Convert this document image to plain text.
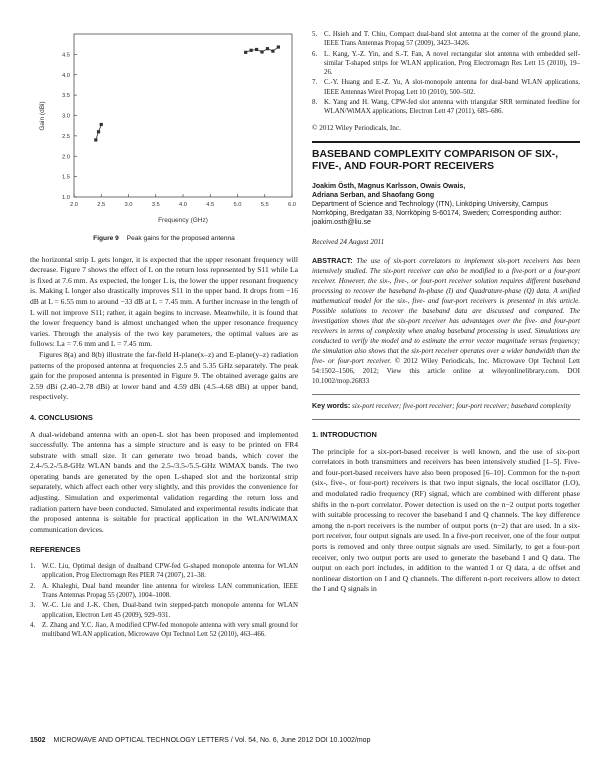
Gain (dBi)
Frequency (GHz)
4.5
4.0
3.5
3.0
2.5
2.0
1.5
1.0
2.0	2.5	3.0	3.5	4.0	4.5	5.0	5.5	6.0
Figure 9 Peak gains for the proposed antenna

the horizontal strip L gets longer, it is expected that the upper resonant frequency will decrease. Figure 7 shows the effect of L on the return loss represented by S11 while La is fixed at 7.6 mm. As expected, the longer L is, the lower the upper resonant frequency is. Making L longer also drastically improves S11 in the upper band. It drops from −16 dB at L = 6.55 mm to around −33 dB at L = 7.45 mm. A further increase in the length of L will not improve S11; rather, it again begins to increase. Meanwhile, it is found that the lower frequency band is almost unchanged when the upper resonance frequency varies. Through the analysis of the two key parameters, the optimal values are as follows: La = 7.6 mm and L = 7.45 mm.

Figures 8(a) and 8(b) illustrate the far-field H-plane(x–z) and E-plane(y–z) radiation patterns of the proposed antenna at frequencies 2.5 and 5.35 GHz separately. The peak gain for the proposed antenna is presented in Figure 9. The obtained average gains are 2.59 dBi (2.40–2.78 dBi) at lower band and 4.59 dBi (4.5–4.68 dBi) at upper band, respectively.

4. CONCLUSIONS

A dual-wideband antenna with an open-L slot has been proposed and implemented successfully. The antenna has a simple structure and is easy to be printed on FR4 substrate with small size. It can generate two broad bands, which cover the 2.4-/5.2-/5.8-GHz WLAN bands and the 2.5-/3.5-/5.5-GHz WiMAX bands. The two operating bands are generated by the open L-shaped slot and the horizontal strip separately, which affect each other very slightly, and this provides the convenience for adjusting. Simulation and experimental validation regarding the return loss and radiation pattern have been conducted. Simulated and experimental results indicate that the proposed antenna is suitable for practical application in the WLAN/WiMAX communication devices.

REFERENCES
1. W.C. Liu, Optimal design of dualband CPW-fed G-shaped monopole antenna for WLAN application, Prog Electromagn Res PIER 74 (2007), 21–38.
2. A. Khaleghi, Dual band meander line antenna for wireless LAN communication, IEEE Trans Antennas Propag 55 (2007), 1004–1008.
3. W.-C. Liu and J.-K. Chen, Dual-band twin stepped-patch monopole antenna for WLAN application, Electron Lett 45 (2009), 929–931.
4. Z. Zhang and Y.C. Jiao, A modified CPW-fed monopole antenna with very small ground for multiband WLAN application, Microwave Opt Technol Lett 52 (2010), 463–466.
5. C. Hsieh and T. Chiu, Compact dual-band slot antenna at the corner of the ground plane, IEEE Trans Antennas Propag 57 (2009), 3423–3426.
6. L. Kang, Y.-Z. Yin, and S.-T. Fan, A novel rectangular slot antenna with embedded self-similar T-shaped strips for WLAN application, Prog Electromagn Res Lett 15 (2010), 19–26.
7. C.-Y. Huang and E.-Z. Yu, A slot-monopole antenna for dual-band WLAN applications, IEEE Antennas Wirel Propag Lett 10 (2010), 500–502.
8. K. Yang and H. Wang, CPW-fed slot antenna with triangular SRR terminated feedline for WLAN/WiMAX applications, Electron Lett 47 (2011), 685–686.
© 2012 Wiley Periodicals, Inc.
BASEBAND COMPLEXITY COMPARISON OF SIX-, FIVE-, AND FOUR-PORT RECEIVERS
Joakim Östh, Magnus Karlsson, Owais Owais,
Adriana Serban, and Shaofang Gong
Department of Science and Technology (ITN), Linköping University, Campus Norrköping, Bredgatan 33, Norrköping S-60174, Sweden; Corresponding author: joakim.osth@liu.se
Received 24 August 2011

ABSTRACT: The use of six-port correlators to implement six-port receivers has been intensively studied. The six-port receiver can also be modified to a five-port or a four-port receiver. However, the six-, five-, or four-port receiver solution requires different baseband processing to recover the baseband In-phase (I) and Quadrature-phase (Q) data. A unified mathematical model for the six-, five- and four-port receivers is presented in this article. Possible solutions to recover the baseband data are discussed and compared. The investigation shows that the six-port receiver has advantages over the five- and four-port receivers in terms of complexity when analog baseband processing is used. Simulations are conducted to verify the model and to estimate the error vector magnitude versus frequency; the simulation also shows that the six-port receiver operates over a wider bandwidth than the five- or four-port receiver. © 2012 Wiley Periodicals, Inc. Microwave Opt Technol Lett 54:1502–1506, 2012; View this article online at wileyonlinelibrary.com. DOI 10.1002/mop.26833

Key words: six-port receiver; five-port receiver; four-port receiver; baseband complexity

1. INTRODUCTION

The principle for a six-port-based receiver is well known, and the use of six-port correlators in both transmitters and receivers has been intensively studied [1–5]. Five- and four-port-based receivers have also been proposed [6–10]. Common for the n-port (six-, five-, or four-port) receivers is that two input signals, the local oscillator (LO), and modulated radio frequency (RF) signal, which are combined with different phase shifts in the n-port correlator. Power detection is used on the n−2 output ports together with suitable processing to recover the baseband I and Q channels. The key difference among the n-port receivers is the number of output ports (n−2) that are used. In a six-port receiver, four output signals are used. In a five-port receiver, one of the four output ports is removed and only three output signals are used. Similarly, to get a four-port receiver, only two output ports are used to generate the baseband I and Q data. The output on each port includes, in addition to the wanted I or Q data, a dc offset and nonlinear distortion on I and Q channels. The different n-port receivers allow to detect the I and Q signals in

1502 MICROWAVE AND OPTICAL TECHNOLOGY LETTERS / Vol. 54, No. 6, June 2012 DOI 10.1002/mop
